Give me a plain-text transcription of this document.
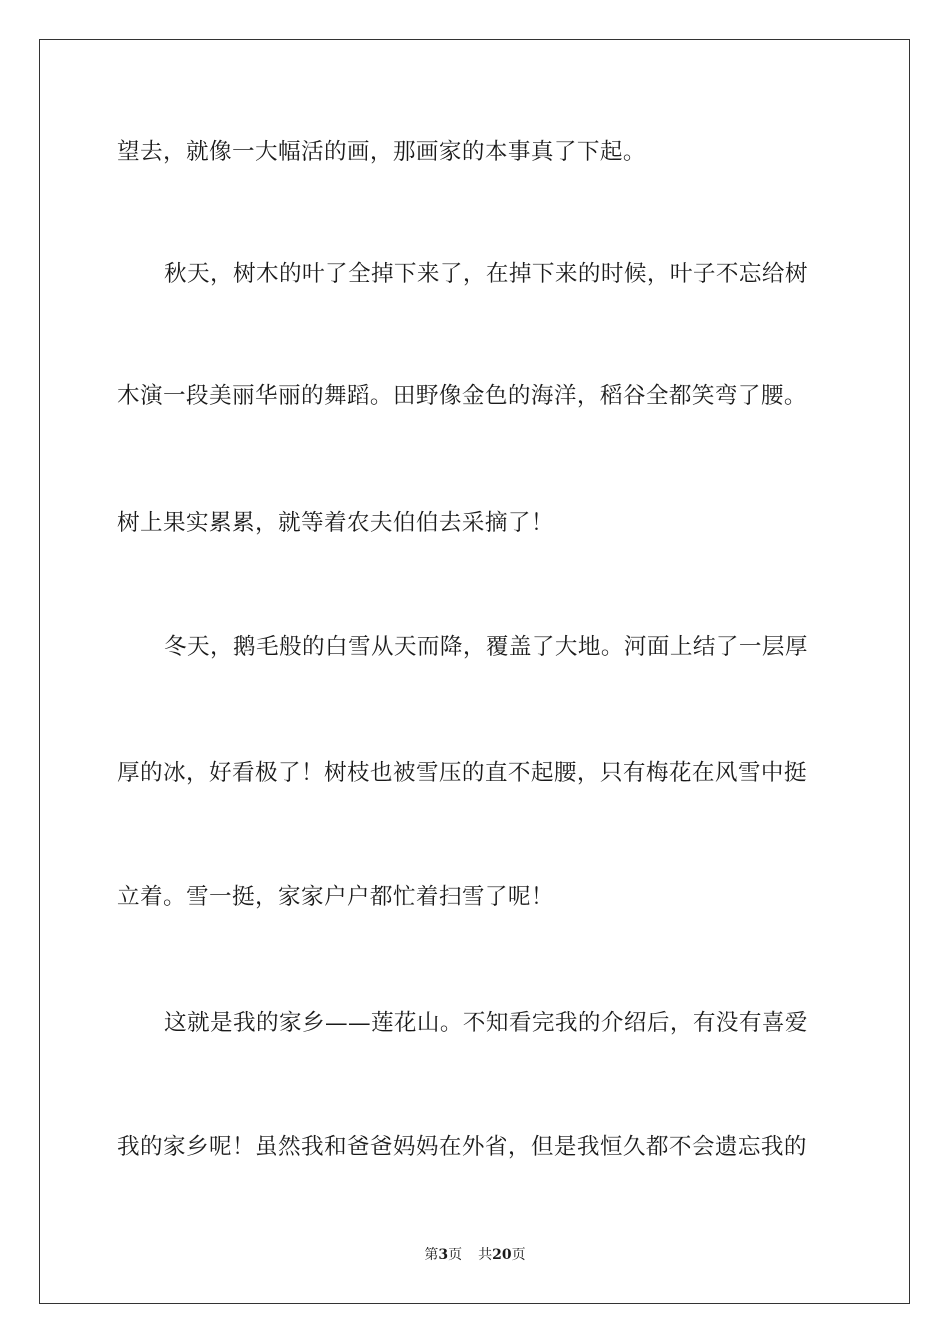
望去，就像一大幅活的画，那画家的本事真了下起。
秋天，树木的叶了全掉下来了，在掉下来的时候，叶子不忘给树
木演一段美丽华丽的舞蹈。田野像金色的海洋，稻谷全都笑弯了腰。
树上果实累累，就等着农夫伯伯去采摘了！
冬天，鹅毛般的白雪从天而降，覆盖了大地。河面上结了一层厚
厚的冰，好看极了！树枝也被雪压的直不起腰，只有梅花在风雪中挺
立着。雪一挺，家家户户都忙着扫雪了呢！
这就是我的家乡——莲花山。不知看完我的介绍后，有没有喜爱
我的家乡呢！虽然我和爸爸妈妈在外省，但是我恒久都不会遗忘我的
第3页 共20页
